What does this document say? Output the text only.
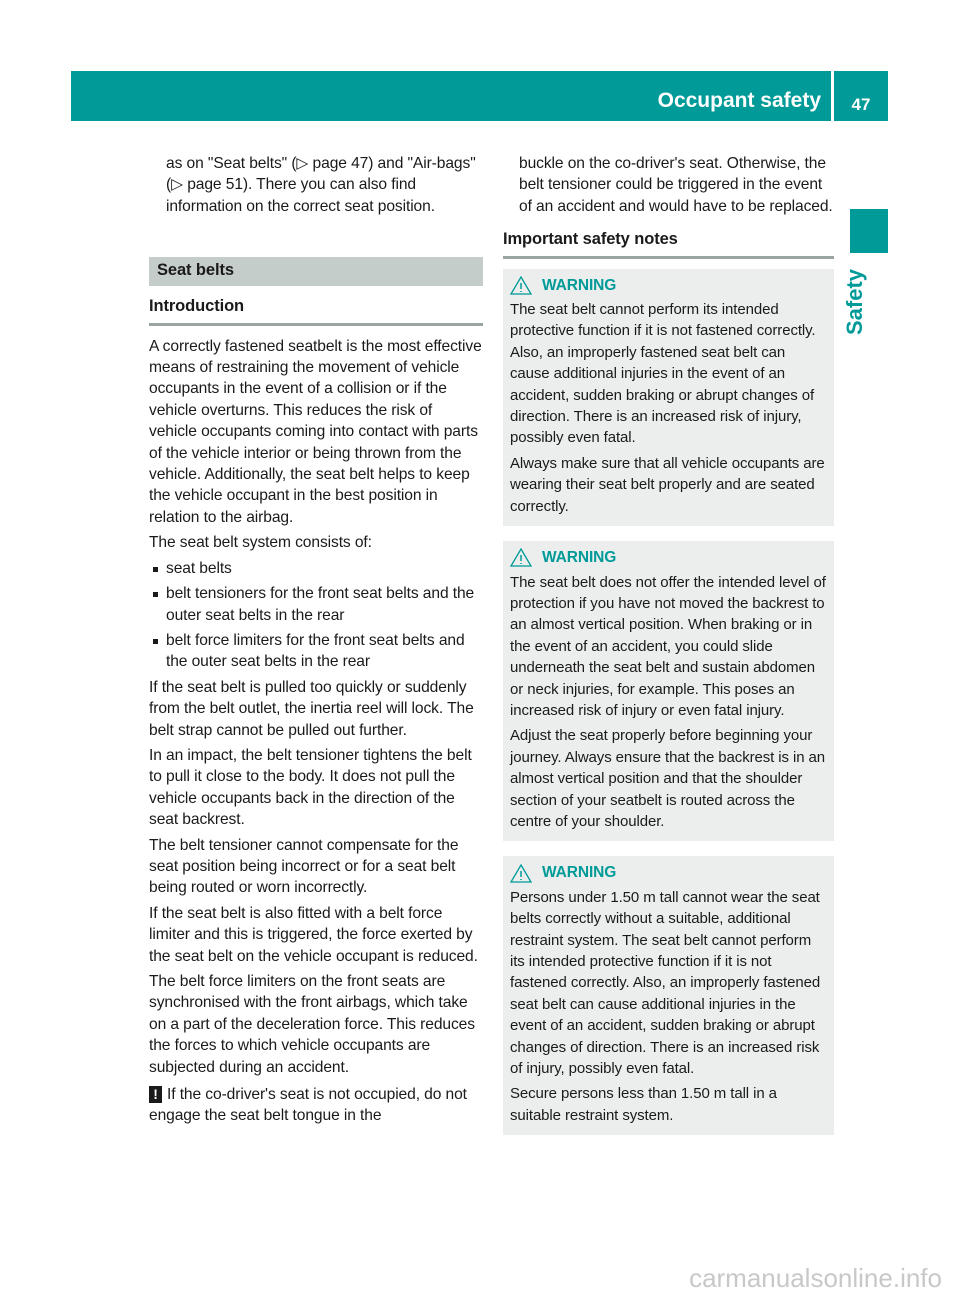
Occupant safety	47
Safety

as on "Seat belts" (▷ page 47) and "Air-bags" (▷ page 51). There you can also find information on the correct seat position.

Seat belts
Introduction

A correctly fastened seatbelt is the most effective means of restraining the movement of vehicle occupants in the event of a collision or if the vehicle overturns. This reduces the risk of vehicle occupants coming into contact with parts of the vehicle interior or being thrown from the vehicle. Additionally, the seat belt helps to keep the vehicle occupant in the best position in relation to the airbag.

The seat belt system consists of:

seat belts
belt tensioners for the front seat belts and the outer seat belts in the rear
belt force limiters for the front seat belts and the outer seat belts in the rear

If the seat belt is pulled too quickly or suddenly from the belt outlet, the inertia reel will lock. The belt strap cannot be pulled out further.

In an impact, the belt tensioner tightens the belt to pull it close to the body. It does not pull the vehicle occupants back in the direction of the seat backrest.

The belt tensioner cannot compensate for the seat position being incorrect or for a seat belt being routed or worn incorrectly.

If the seat belt is also fitted with a belt force limiter and this is triggered, the force exerted by the seat belt on the vehicle occupant is reduced.

The belt force limiters on the front seats are synchronised with the front airbags, which take on a part of the deceleration force. This reduces the forces to which vehicle occupants are subjected during an accident.

! If the co-driver's seat is not occupied, do not engage the seat belt tongue in the

buckle on the co-driver's seat. Otherwise, the belt tensioner could be triggered in the event of an accident and would have to be replaced.

Important safety notes
WARNING

The seat belt cannot perform its intended protective function if it is not fastened correctly. Also, an improperly fastened seat belt can cause additional injuries in the event of an accident, sudden braking or abrupt changes of direction. There is an increased risk of injury, possibly even fatal.

Always make sure that all vehicle occupants are wearing their seat belt properly and are seated correctly.

WARNING

The seat belt does not offer the intended level of protection if you have not moved the backrest to an almost vertical position. When braking or in the event of an accident, you could slide underneath the seat belt and sustain abdomen or neck injuries, for example. This poses an increased risk of injury or even fatal injury.

Adjust the seat properly before beginning your journey. Always ensure that the backrest is in an almost vertical position and that the shoulder section of your seatbelt is routed across the centre of your shoulder.

WARNING

Persons under 1.50 m tall cannot wear the seat belts correctly without a suitable, additional restraint system. The seat belt cannot perform its intended protective function if it is not fastened correctly. Also, an improperly fastened seat belt can cause additional injuries in the event of an accident, sudden braking or abrupt changes of direction. There is an increased risk of injury, possibly even fatal.

Secure persons less than 1.50 m tall in a suitable restraint system.

carmanualsonline.info
